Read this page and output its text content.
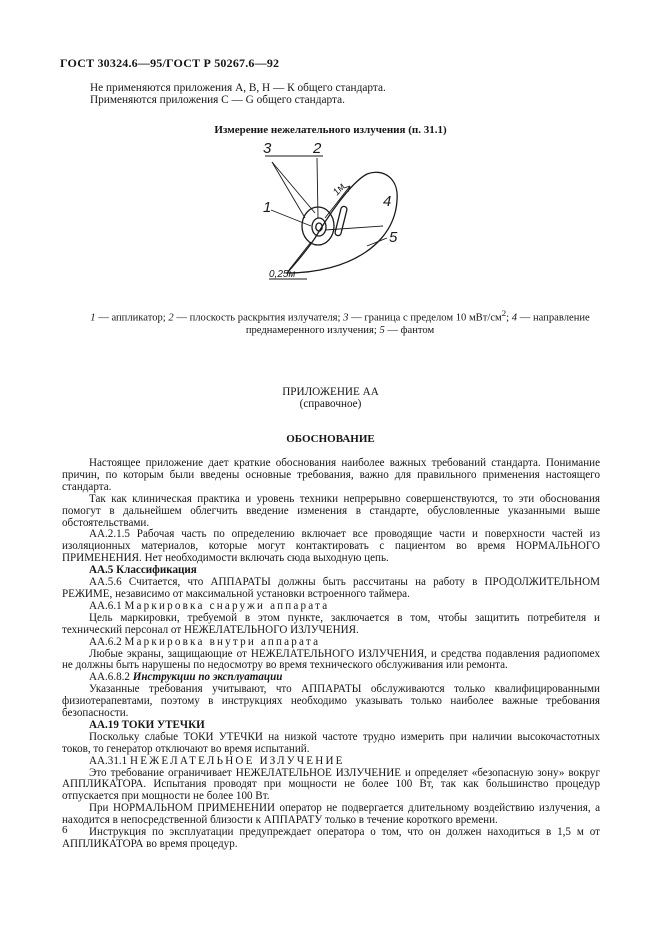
ГОСТ 30324.6—95/ГОСТ Р 50267.6—92
Не применяются приложения А, В, Н — К общего стандарта.
Применяются приложения С — G общего стандарта.
Измерение нежелательного излучения (п. 31.1)
3	2
1	4
5
1м
0,25м
1 — аппликатор; 2 — плоскость раскрытия излучателя; 3 — граница с пределом 10 мВт/$см^2$; 4 — направление преднамеренного излучения; 5 — фантом
ПРИЛОЖЕНИЕ АА
(справочное)
ОБОСНОВАНИЕ

Настоящее приложение дает краткие обоснования наиболее важных требований стандарта. Понимание причин, по которым были введены основные требования, важно для правильного применения настоящего стандарта.

Так как клиническая практика и уровень техники непрерывно совершенствуются, то эти обоснования помогут в дальнейшем облегчить введение изменения в стандарте, обусловленные указанными выше обстоятельствами.

АА.2.1.5 Рабочая часть по определению включает все проводящие части и поверхности частей из изоляционных материалов, которые могут контактировать с пациентом во время НОРМАЛЬНОГО ПРИМЕНЕНИЯ. Нет необходимости включать сюда выходную цепь.

АА.5 Классификация

АА.5.6 Считается, что АППАРАТЫ должны быть рассчитаны на работу в ПРОДОЛЖИТЕЛЬНОМ РЕЖИМЕ, независимо от максимальной установки встроенного таймера.

АА.6.1 Маркировка снаружи аппарата

Цель маркировки, требуемой в этом пункте, заключается в том, чтобы защитить потребителя и технический персонал от НЕЖЕЛАТЕЛЬНОГО ИЗЛУЧЕНИЯ.

АА.6.2 Маркировка внутри аппарата

Любые экраны, защищающие от НЕЖЕЛАТЕЛЬНОГО ИЗЛУЧЕНИЯ, и средства подавления радиопомех не должны быть нарушены по недосмотру во время технического обслуживания или ремонта.

АА.6.8.2 Инструкции по эксплуатации

Указанные требования учитывают, что АППАРАТЫ обслуживаются только квалифицированными физиотерапевтами, поэтому в инструкциях необходимо указывать только наиболее важные требования безопасности.

АА.19 ТОКИ УТЕЧКИ

Поскольку слабые ТОКИ УТЕЧКИ на низкой частоте трудно измерить при наличии высокочастотных токов, то генератор отключают во время испытаний.

АА.31.1 НЕЖЕЛАТЕЛЬНОЕ ИЗЛУЧЕНИЕ

Это требование ограничивает НЕЖЕЛАТЕЛЬНОЕ ИЗЛУЧЕНИЕ и определяет «безопасную зону» вокруг АППЛИКАТОРА. Испытания проводят при мощности не более 100 Вт, так как большинство процедур отпускается при мощности не более 100 Вт.

При НОРМАЛЬНОМ ПРИМЕНЕНИИ оператор не подвергается длительному воздействию излучения, а находится в непосредственной близости к АППАРАТУ только в течение короткого времени.

Инструкция по эксплуатации предупреждает оператора о том, что он должен находиться в 1,5 м от АППЛИКАТОРА во время процедур.

6
